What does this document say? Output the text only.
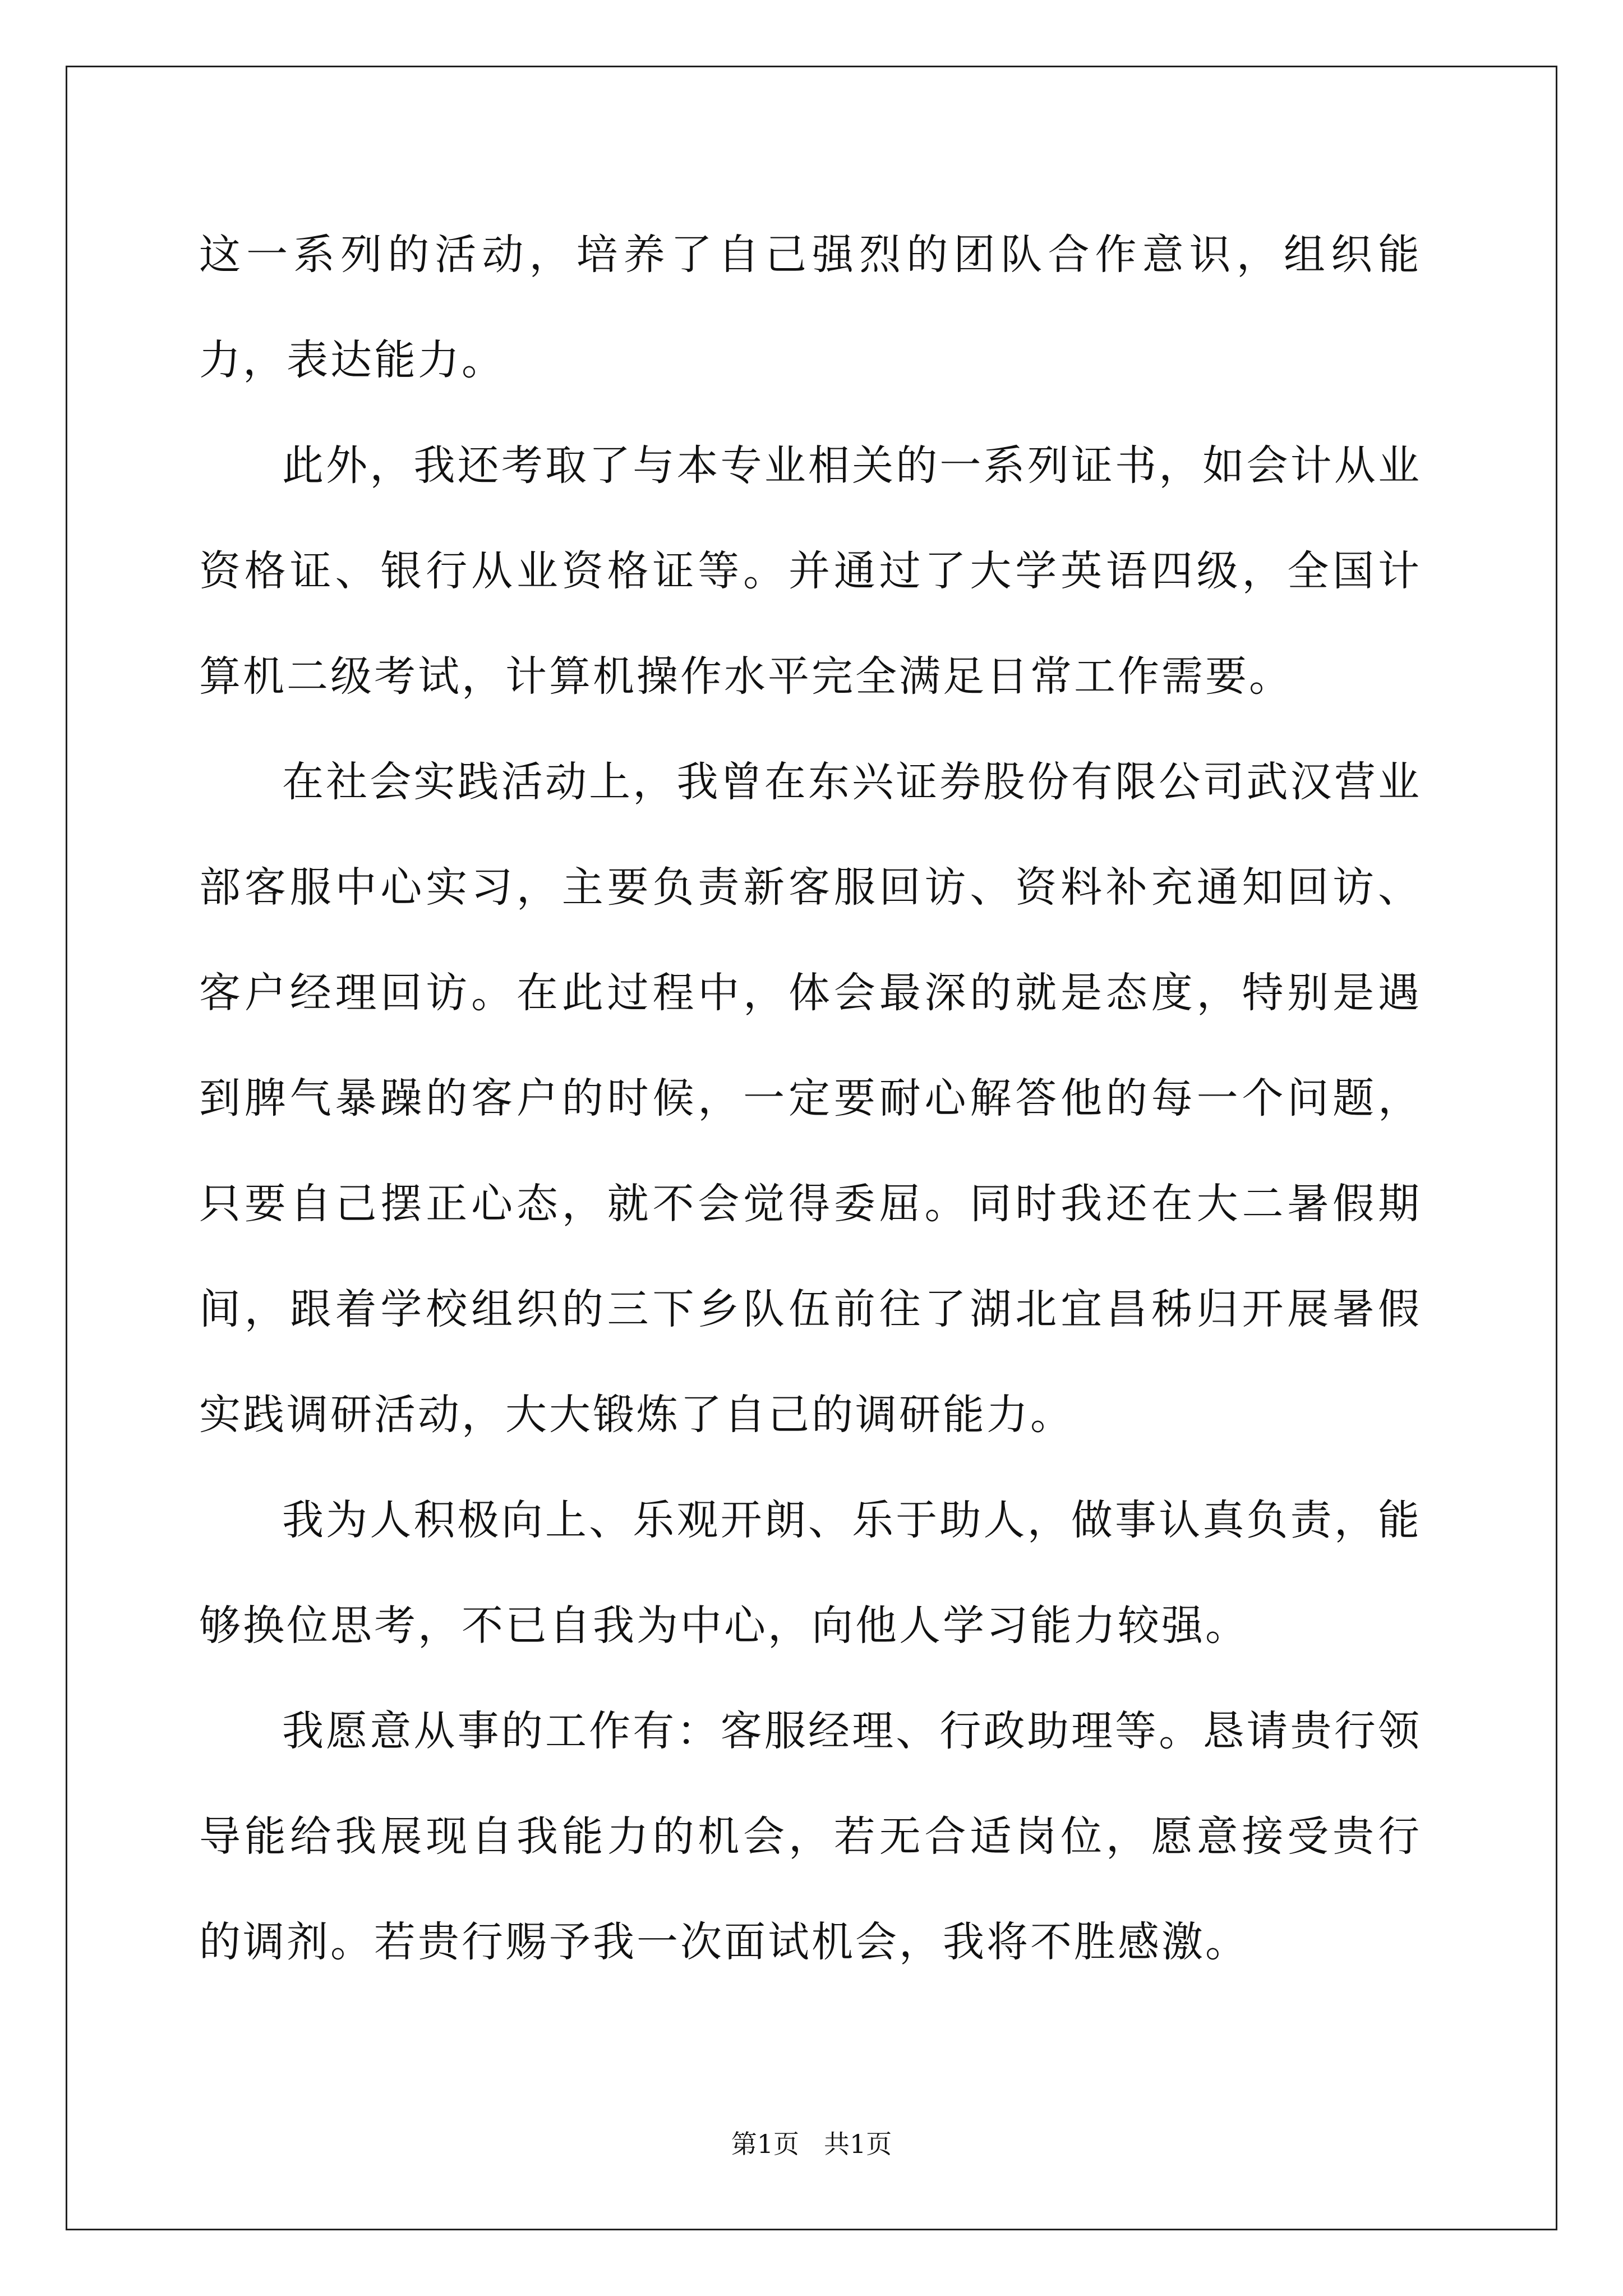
这一系列的活动，培养了自己强烈的团队合作意识，组织能力，表达能力。

此外，我还考取了与本专业相关的一系列证书，如会计从业资格证、银行从业资格证等。并通过了大学英语四级，全国计算机二级考试，计算机操作水平完全满足日常工作需要。

在社会实践活动上，我曾在东兴证券股份有限公司武汉营业部客服中心实习，主要负责新客服回访、资料补充通知回访、客户经理回访。在此过程中，体会最深的就是态度，特别是遇到脾气暴躁的客户的时候，一定要耐心解答他的每一个问题，只要自己摆正心态，就不会觉得委屈。同时我还在大二暑假期间，跟着学校组织的三下乡队伍前往了湖北宜昌秭归开展暑假实践调研活动，大大锻炼了自己的调研能力。

我为人积极向上、乐观开朗、乐于助人，做事认真负责，能够换位思考，不已自我为中心，向他人学习能力较强。

我愿意从事的工作有：客服经理、行政助理等。恳请贵行领导能给我展现自我能力的机会，若无合适岗位，愿意接受贵行的调剂。若贵行赐予我一次面试机会，我将不胜感激。

第1页 共1页
